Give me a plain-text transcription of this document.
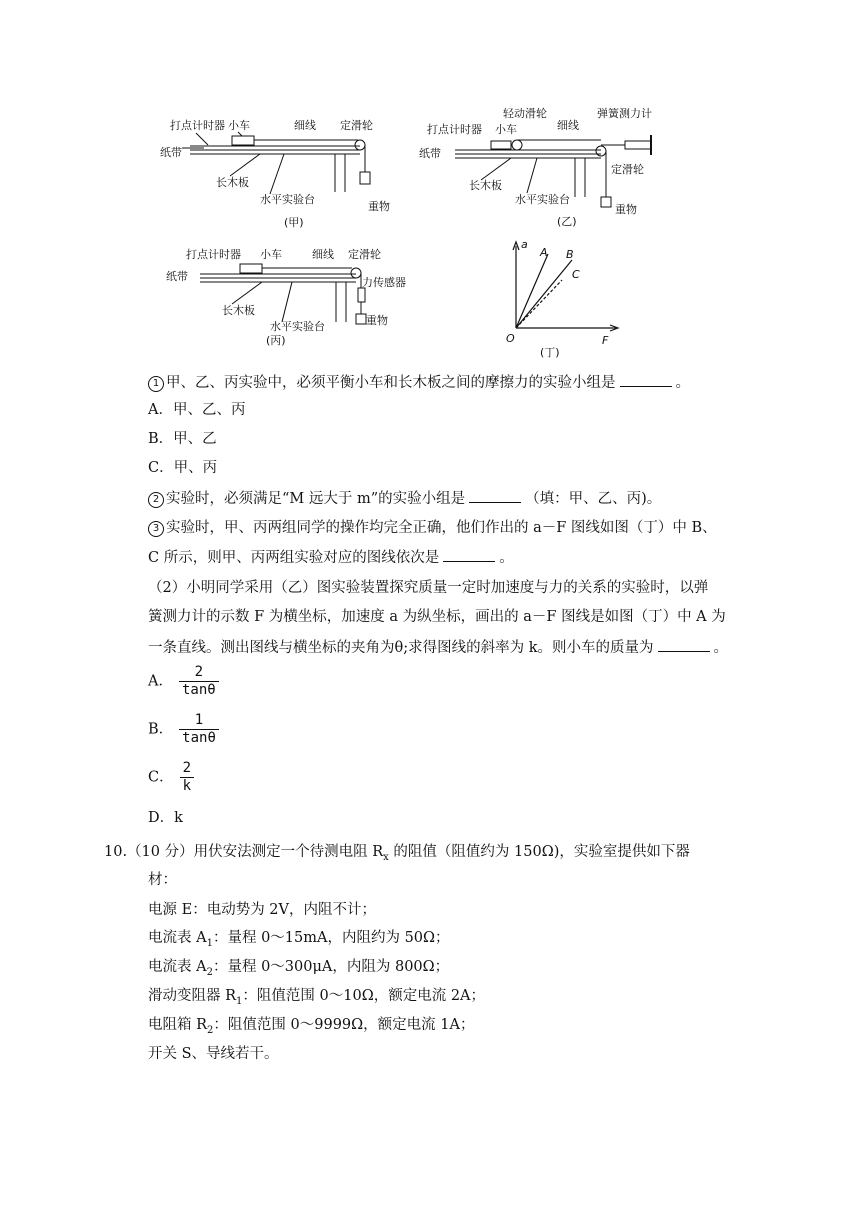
打点计时器 小车	细线 定滑轮
纸带
长木板
水平实验台
重物
(甲)
轻动滑轮	弹簧测力计
打点计时器 小车	细线
纸带
定滑轮
长木板
水平实验台
重物
(乙)
打点计时器 小车	细线 定滑轮
纸带	力传感器
长木板
水平实验台	重物
(丙)
a
F
O
A B
C
(丁)
1 甲、乙、丙实验中，必须平衡小车和长木板之间的摩擦力的实验小组是	。
A．甲、乙、丙
B．甲、乙
C．甲、丙
2 实验时，必须满足“M 远大于 m”的实验小组是	（填：甲、乙、丙)。
3 实验时，甲、丙两组同学的操作均完全正确，他们作出的 a－F 图线如图（丁）中 B、
C 所示，则甲、丙两组实验对应的图线依次是	。
（2）小明同学采用（乙）图实验装置探究质量一定时加速度与力的关系的实验时，以弹
簧测力计的示数 F 为横坐标，加速度 a 为纵坐标，画出的 a－F 图线是如图（丁）中 A 为
一条直线。测出图线与横坐标的夹角为θ;求得图线的斜率为 k。则小车的质量为	。
A． $\frac{2}{\tan\theta}$
B． $\frac{1}{\tan\theta}$
C． $\frac{2}{k}$
D．k
10.（10 分）用伏安法测定一个待测电阻 $R_x$ 的阻值（阻值约为 150Ω)，实验室提供如下器
材：
电源 E：电动势为 2V，内阻不计；
电流表 $A_1$：量程 0～15mA，内阻约为 50Ω；
电流表 $A_2$：量程 0～300μA，内阻为 800Ω；
滑动变阻器 $R_1$：阻值范围 0～10Ω，额定电流 2A；
电阻箱 $R_2$：阻值范围 0～9999Ω，额定电流 1A；
开关 S、导线若干。
